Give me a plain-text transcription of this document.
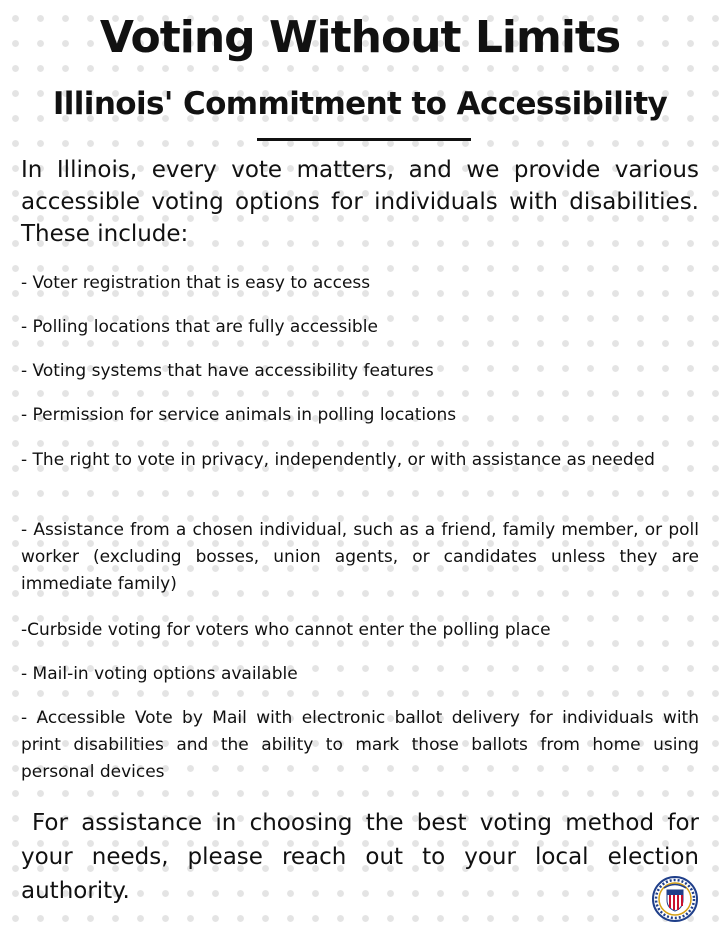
Voting Without Limits
Illinois' Commitment to Accessibility

In Illinois, every vote matters, and we provide various accessible voting options for individuals with disabilities. These include:

- Voter registration that is easy to access
- Polling locations that are fully accessible
- Voting systems that have accessibility features
- Permission for service animals in polling locations
- The right to vote in privacy, independently, or with assistance as needed
- Assistance from a chosen individual, such as a friend, family member, or poll worker (excluding bosses, union agents, or candidates unless they are immediate family)
-Curbside voting for voters who cannot enter the polling place
- Mail-in voting options available
- Accessible Vote by Mail with electronic ballot delivery for individuals with print disabilities and the ability to mark those ballots from home using personal devices

For assistance in choosing the best voting method for your needs, please reach out to your local election authority.
